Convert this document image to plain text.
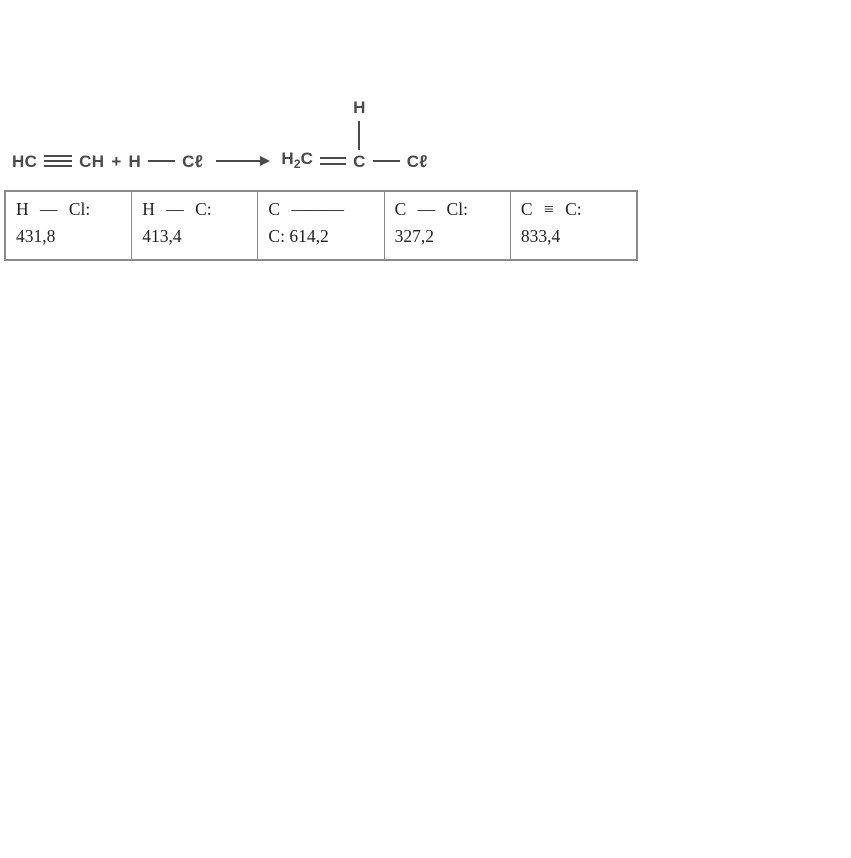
HC CH + H Cℓ	$H_2C$ C
H
Cℓ
H — Cl:
431,8
H — C:
413,4
C ———
C: 614,2
C — Cl:
327,2
C ≡ C:
833,4
